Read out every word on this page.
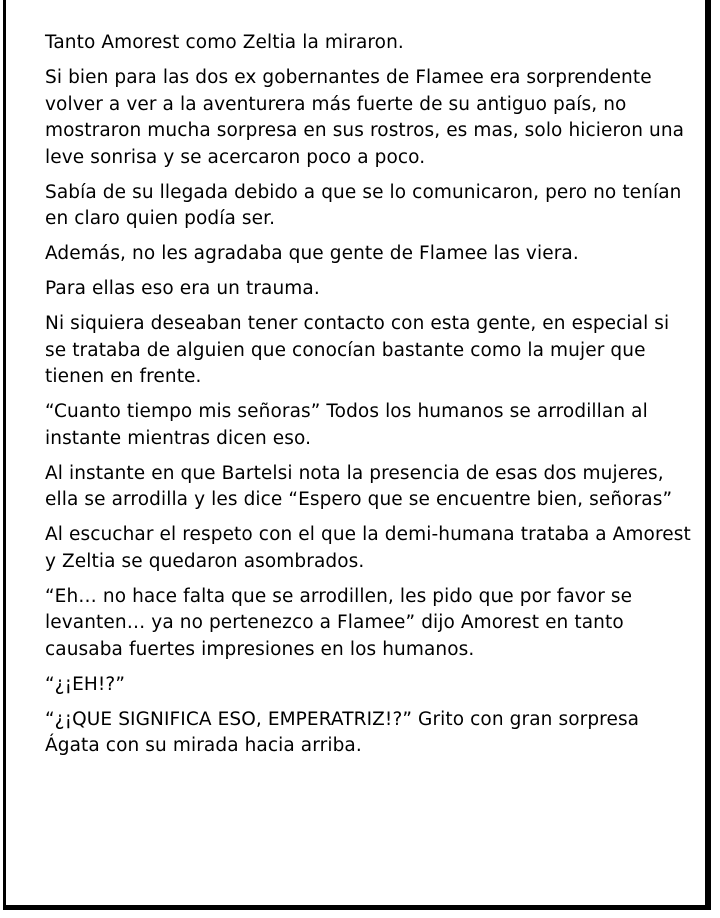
Tanto Amorest como Zeltia la miraron.

Si bien para las dos ex gobernantes de Flamee era sorprendente volver a ver a la aventurera más fuerte de su antiguo país, no mostraron mucha sorpresa en sus rostros, es mas, solo hicieron una leve sonrisa y se acercaron poco a poco.

Sabía de su llegada debido a que se lo comunicaron, pero no tenían en claro quien podía ser.

Además, no les agradaba que gente de Flamee las viera.

Para ellas eso era un trauma.

Ni siquiera deseaban tener contacto con esta gente, en especial si se trataba de alguien que conocían bastante como la mujer que tienen en frente.

“Cuanto tiempo mis señoras” Todos los humanos se arrodillan al instante mientras dicen eso.

Al instante en que Bartelsi nota la presencia de esas dos mujeres, ella se arrodilla y les dice “Espero que se encuentre bien, señoras”

Al escuchar el respeto con el que la demi-humana trataba a Amorest y Zeltia se quedaron asombrados.

“Eh… no hace falta que se arrodillen, les pido que por favor se levanten… ya no pertenezco a Flamee” dijo Amorest en tanto causaba fuertes impresiones en los humanos.

“¿¡EH!?”

“¿¡QUE SIGNIFICA ESO, EMPERATRIZ!?” Grito con gran sorpresa Ágata con su mirada hacia arriba.
